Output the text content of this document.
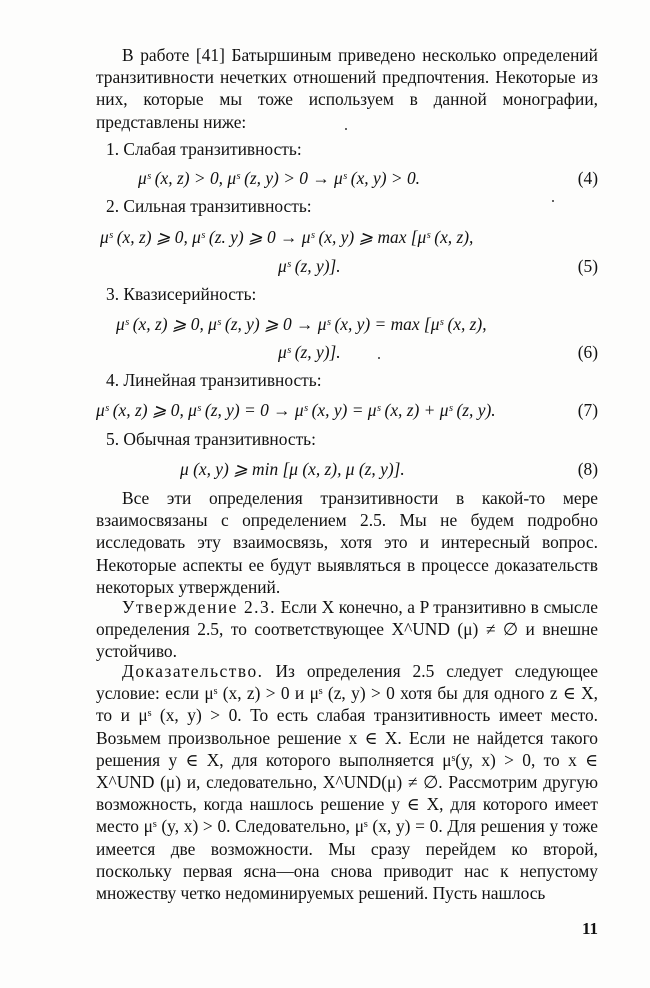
В работе [41] Батыршиным приведено несколько определений транзитивности нечетких отношений предпочтения. Некоторые из них, которые мы тоже используем в данной монографии, представлены ниже:

1. Слабая транзитивность:

μˢ (x, z) > 0, μˢ (z, y) > 0 → μˢ (x, y) > 0.	(4)

2. Сильная транзитивность:

μˢ (x, z) ⩾ 0, μˢ (z. y) ⩾ 0 → μˢ (x, y) ⩾ max [μˢ (x, z),
μˢ (z, y)].	(5)

3. Квазисерийность:

μˢ (x, z) ⩾ 0, μˢ (z, y) ⩾ 0 → μˢ (x, y) = max [μˢ (x, z),
μˢ (z, y)].	(6)

4. Линейная транзитивность:

μˢ (x, z) ⩾ 0, μˢ (z, y) = 0 → μˢ (x, y) = μˢ (x, z) + μˢ (z, y).	(7)

5. Обычная транзитивность:

μ (x, y) ⩾ min [μ (x, z), μ (z, y)].	(8)

Все эти определения транзитивности в какой-то мере взаимосвязаны с определением 2.5. Мы не будем подробно исследовать эту взаимосвязь, хотя это и интересный вопрос. Некоторые аспекты ее будут выявляться в процессе доказательств некоторых утверждений.

Утверждение 2.3. Если X конечно, а P транзитивно в смысле определения 2.5, то соответствующее X^UND (μ) ≠ ∅ и внешне устойчиво.

Доказательство. Из определения 2.5 следует следующее условие: если μˢ (x, z) > 0 и μˢ (z, y) > 0 хотя бы для одного z ∈ X, то и μˢ (x, y) > 0. То есть слабая транзитивность имеет место. Возьмем произвольное решение x ∈ X. Если не найдется такого решения y ∈ X, для которого выполняется μˢ(y, x) > 0, то x ∈ X^UND (μ) и, следовательно, X^UND(μ) ≠ ∅. Рассмотрим другую возможность, когда нашлось решение y ∈ X, для которого имеет место μˢ (y, x) > 0. Следовательно, μˢ (x, y) = 0. Для решения y тоже имеется две возможности. Мы сразу перейдем ко второй, поскольку первая ясна—она снова приводит нас к непустому множеству четко недоминируемых решений. Пусть нашлось

11
